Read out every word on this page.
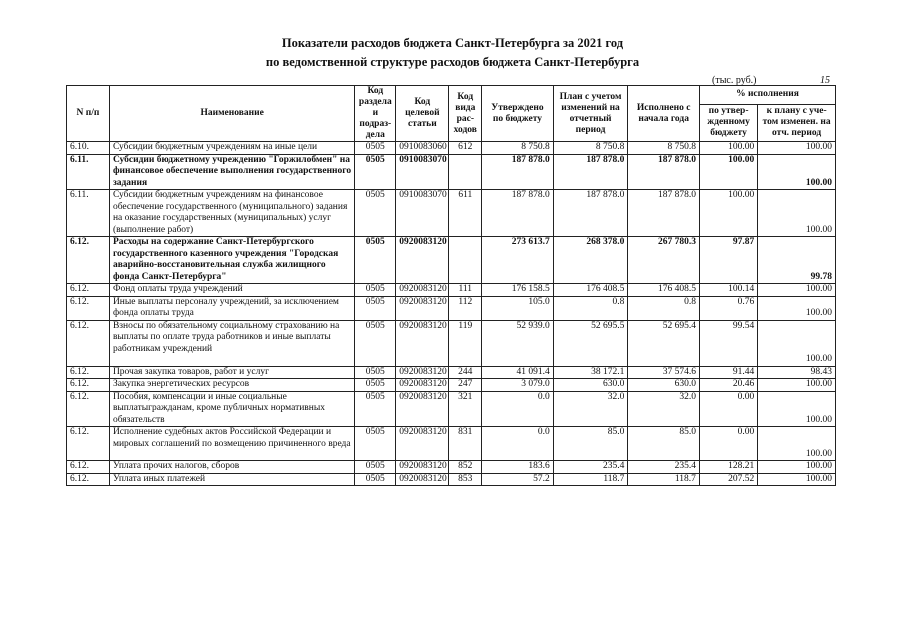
Показатели расходов бюджета Санкт-Петербурга за 2021 год
по ведомственной структуре расходов бюджета Санкт-Петербурга
(тыс. руб.)	15
N п/п	Наименование	Код раздела и подраз-дела	Код целевой статьи	Код вида рас-ходов	Утверждено по бюджету	План с учетом изменений на отчетный период	Исполнено с начала года	% исполнения	
								по утвер-жденному бюджету	к плану с уче-том изменен. на отч. период
6.10.	Субсидии бюджетным учреждениям на иные цели	0505	0910083060	612	8 750.8	8 750.8	8 750.8	100.00	100.00
6.11.	Субсидии бюджетному учреждению "Горжилобмен" на финансовое обеспечение выполнения государственного задания	0505	0910083070		187 878.0	187 878.0	187 878.0	100.00	100.00
6.11.	Субсидии бюджетным учреждениям на финансовое обеспечение государственного (муниципального) задания на оказание государственных (муниципальных) услуг (выполнение работ)	0505	0910083070	611	187 878.0	187 878.0	187 878.0	100.00	100.00
6.12.	Расходы на содержание Санкт-Петербургского государственного казенного учреждения "Городская аварийно-восстановительная служба жилищного фонда Санкт-Петербурга"	0505	0920083120		273 613.7	268 378.0	267 780.3	97.87	99.78
6.12.	Фонд оплаты труда учреждений	0505	0920083120	111	176 158.5	176 408.5	176 408.5	100.14	100.00
6.12.	Иные выплаты персоналу учреждений, за исключением фонда оплаты труда	0505	0920083120	112	105.0	0.8	0.8	0.76	100.00
6.12.	Взносы по обязательному социальному страхованию на выплаты по оплате труда работников и иные выплаты работникам учреждений	0505	0920083120	119	52 939.0	52 695.5	52 695.4	99.54	100.00
6.12.	Прочая закупка товаров, работ и услуг	0505	0920083120	244	41 091.4	38 172.1	37 574.6	91.44	98.43
6.12.	Закупка энергетических ресурсов	0505	0920083120	247	3 079.0	630.0	630.0	20.46	100.00
6.12.	Пособия, компенсации и иные социальные выплатыгражданам, кроме публичных нормативных обязательств	0505	0920083120	321	0.0	32.0	32.0	0.00	100.00
6.12.	Исполнение судебных актов Российской Федерации и мировых соглашений по возмещению причиненного вреда	0505	0920083120	831	0.0	85.0	85.0	0.00	100.00
6.12.	Уплата прочих налогов, сборов	0505	0920083120	852	183.6	235.4	235.4	128.21	100.00
6.12.	Уплата иных платежей	0505	0920083120	853	57.2	118.7	118.7	207.52	100.00
